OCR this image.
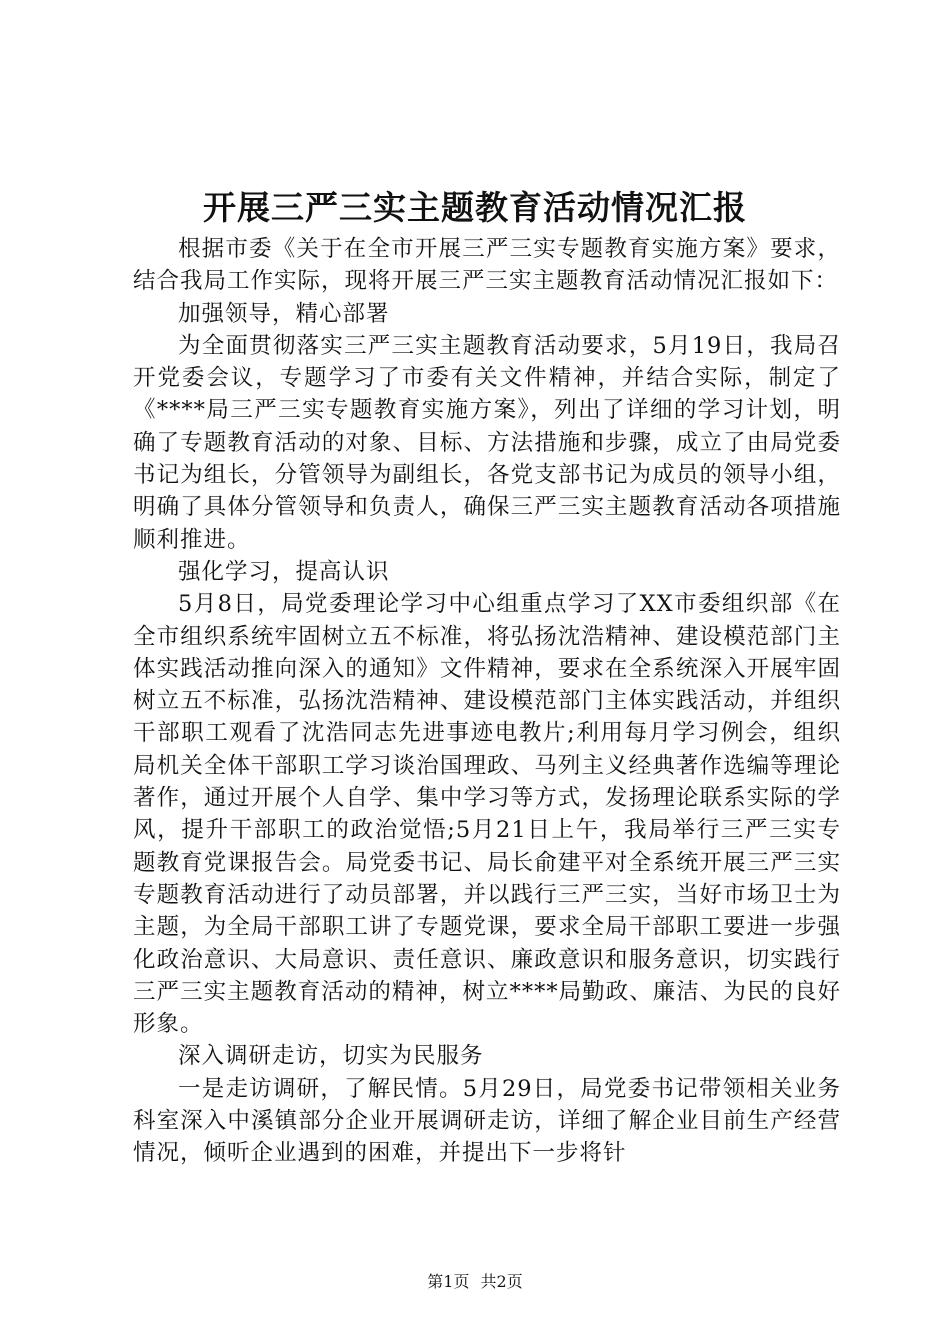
开展三严三实主题教育活动情况汇报

根据市委《关于在全市开展三严三实专题教育实施方案》要求，结合我局工作实际，现将开展三严三实主题教育活动情况汇报如下：

加强领导，精心部署

为全面贯彻落实三严三实主题教育活动要求，5月19日，我局召开党委会议，专题学习了市委有关文件精神，并结合实际，制定了《****局三严三实专题教育实施方案》，列出了详细的学习计划，明确了专题教育活动的对象、目标、方法措施和步骤，成立了由局党委书记为组长，分管领导为副组长，各党支部书记为成员的领导小组，明确了具体分管领导和负责人，确保三严三实主题教育活动各项措施顺利推进。

强化学习，提高认识

5月8日，局党委理论学习中心组重点学习了XX市委组织部《在全市组织系统牢固树立五不标准，将弘扬沈浩精神、建设模范部门主体实践活动推向深入的通知》文件精神，要求在全系统深入开展牢固树立五不标准，弘扬沈浩精神、建设模范部门主体实践活动，并组织干部职工观看了沈浩同志先进事迹电教片;利用每月学习例会，组织局机关全体干部职工学习谈治国理政、马列主义经典著作选编等理论著作，通过开展个人自学、集中学习等方式，发扬理论联系实际的学风，提升干部职工的政治觉悟;5月21日上午，我局举行三严三实专题教育党课报告会。局党委书记、局长俞建平对全系统开展三严三实专题教育活动进行了动员部署，并以践行三严三实，当好市场卫士为主题，为全局干部职工讲了专题党课，要求全局干部职工要进一步强化政治意识、大局意识、责任意识、廉政意识和服务意识，切实践行三严三实主题教育活动的精神，树立****局勤政、廉洁、为民的良好形象。

深入调研走访，切实为民服务

一是走访调研，了解民情。5月29日，局党委书记带领相关业务科室深入中溪镇部分企业开展调研走访，详细了解企业目前生产经营情况，倾听企业遇到的困难，并提出下一步将针

第1页 共2页
